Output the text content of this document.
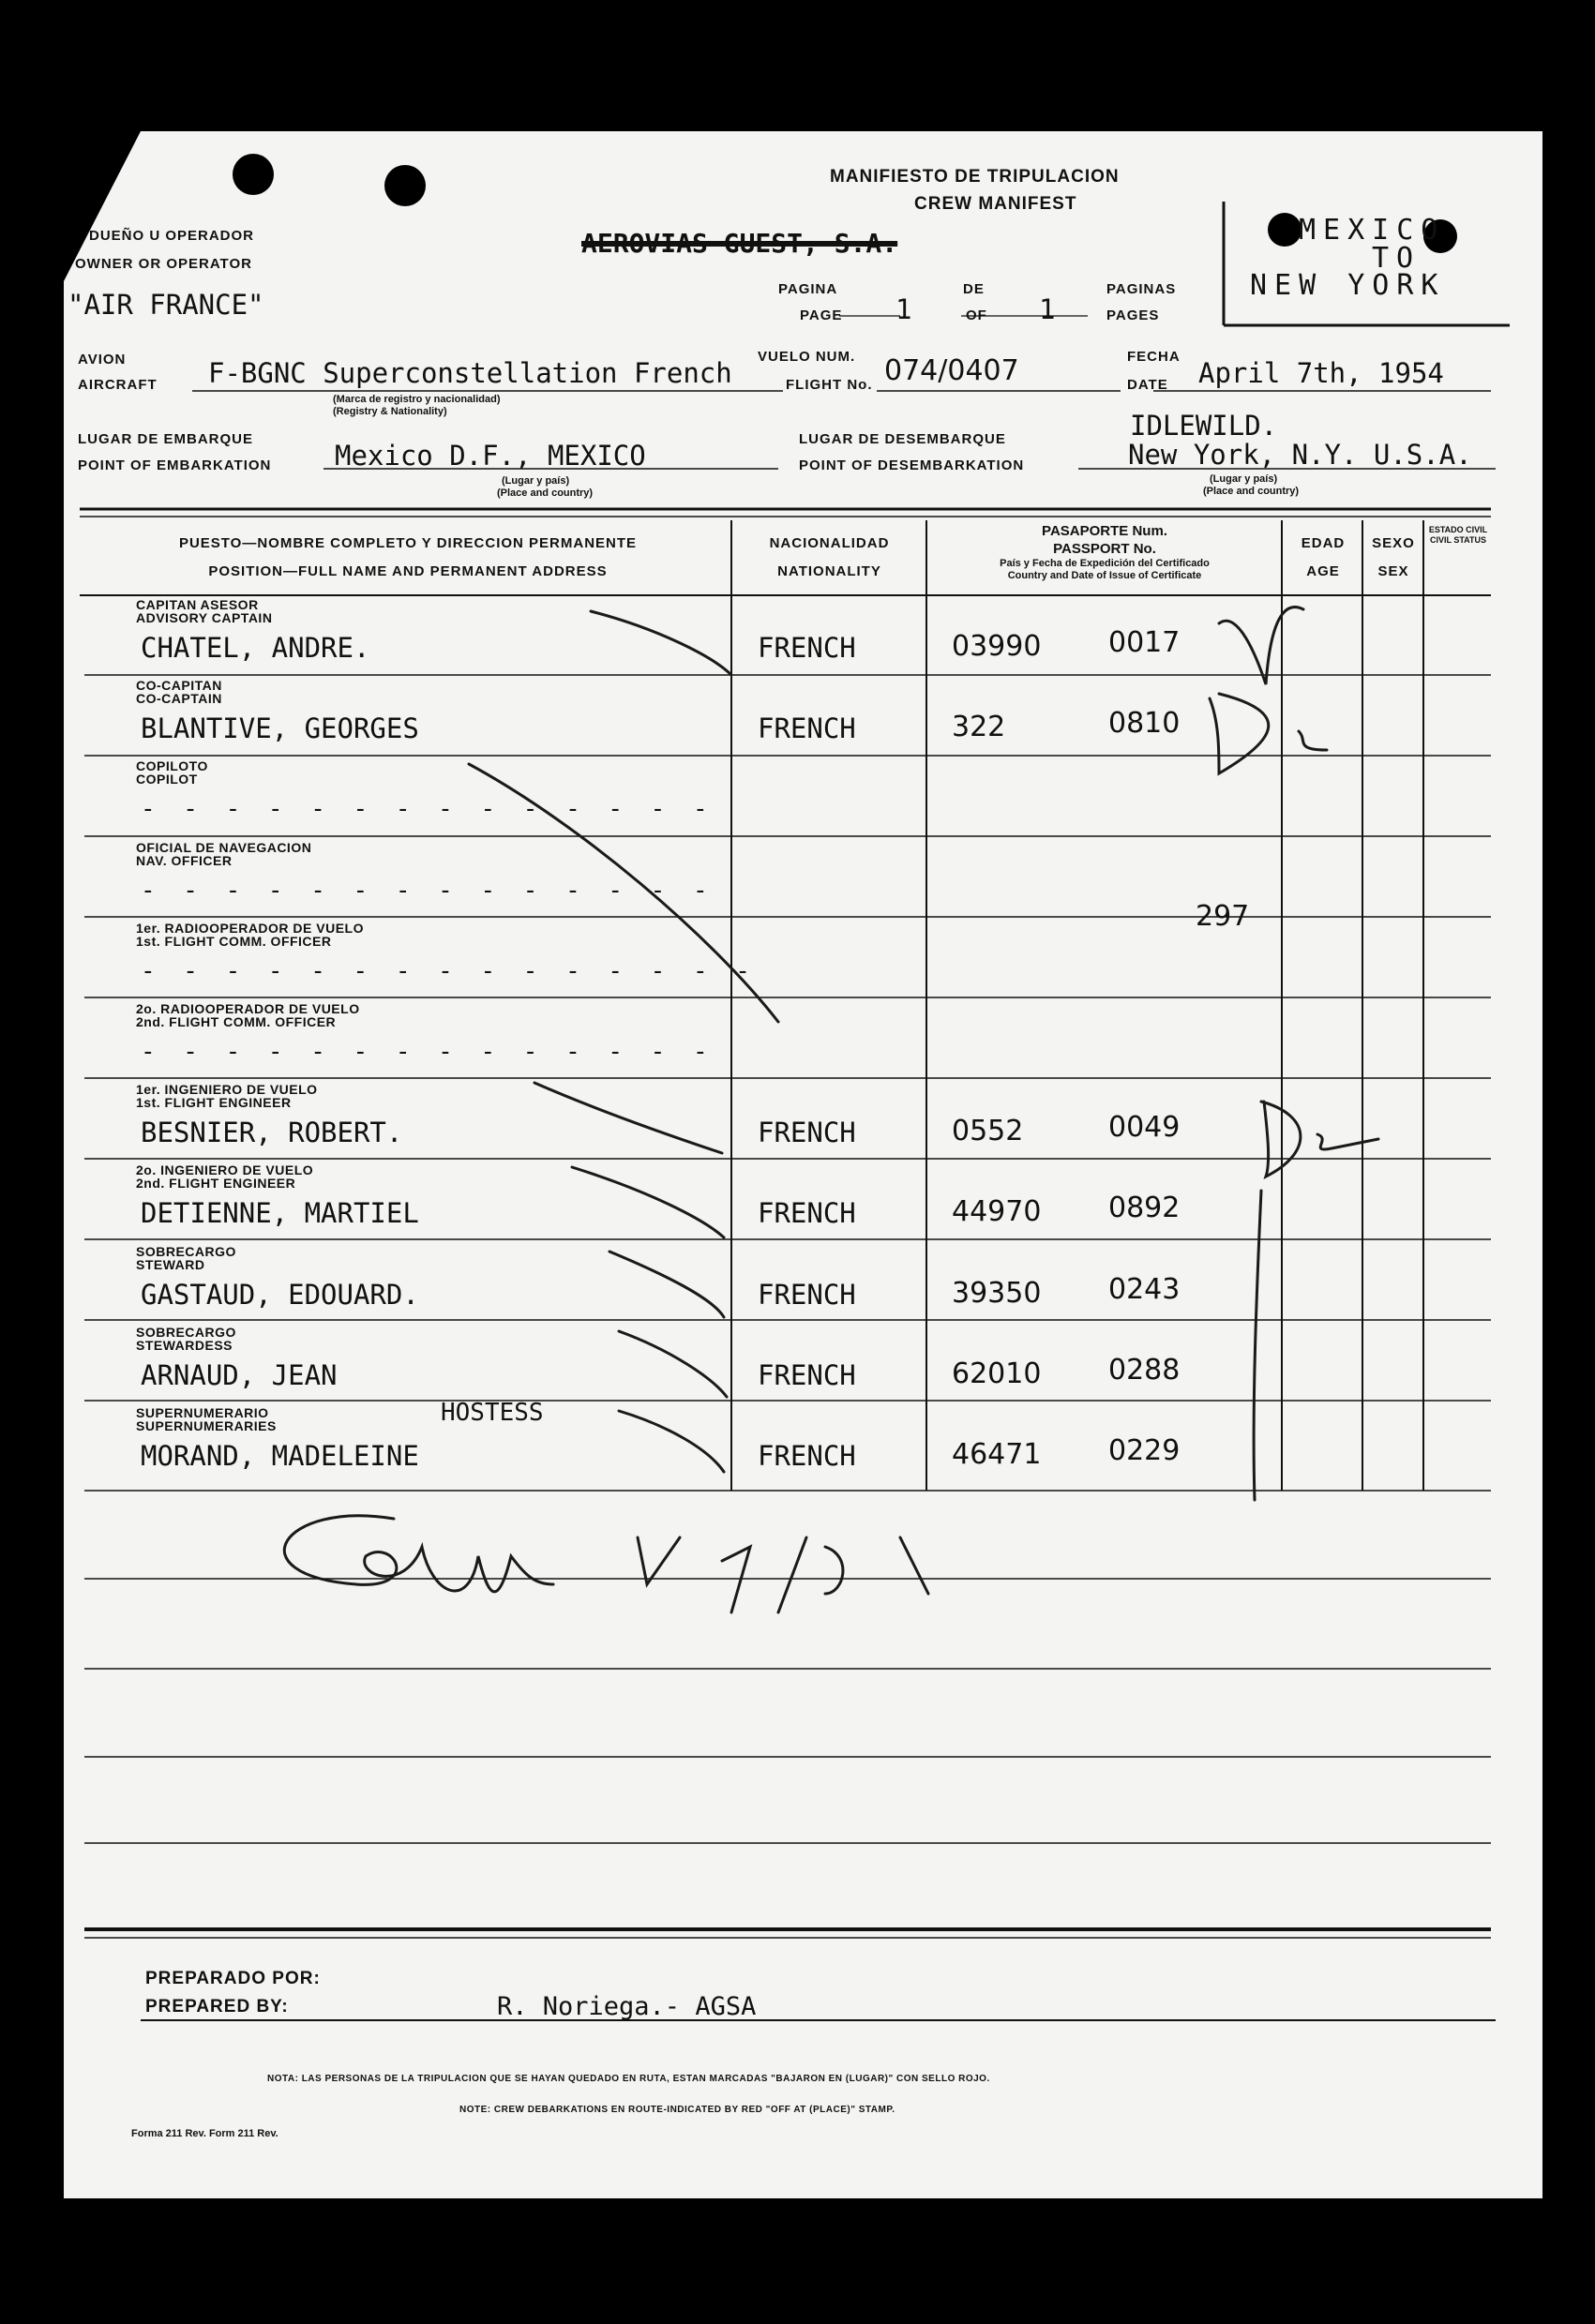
MANIFIESTO DE TRIPULACION
CREW MANIFEST
AEROVIAS GUEST, S.A.
DUEÑO U OPERADOR
OWNER OR OPERATOR
"AIR FRANCE"
MEXICO
TO
NEW YORK
PAGINA
PAGE 1
DE
OF 1
PAGINAS
PAGES
AVION
AIRCRAFT F-BGNC Superconstellation French
(Marca de registro y nacionalidad)
(Registry & Nationality)
VUELO NUM.
FLIGHT No. 074/0407	FECHA
DATE April 7th, 1954
LUGAR DE EMBARQUE
POINT OF EMBARKATION Mexico D.F., MEXICO
(Lugar y país)
(Place and country)
LUGAR DE DESEMBARQUE
POINT OF DESEMBARKATION
IDLEWILD.
New York, N.Y. U.S.A.
(Lugar y país)
(Place and country)
PUESTO—NOMBRE COMPLETO Y DIRECCION PERMANENTE
POSITION—FULL NAME AND PERMANENT ADDRESS
NACIONALIDAD
NATIONALITY
PASAPORTE Num.
PASSPORT No.
País y Fecha de Expedición del Certificado
Country and Date of Issue of Certificate
EDAD
AGE
SEXO
SEX
ESTADO CIVIL
CIVIL STATUS
CAPITAN ASESOR
ADVISORY CAPTAIN
CHATEL, ANDRE.	FRENCH	03990 0017
CO-CAPITAN
CO-CAPTAIN
BLANTIVE, GEORGES	FRENCH	322	0810
COPILOTO
COPILOT
- - - - - - - - - - - - - -
OFICIAL DE NAVEGACION
NAV. OFFICER
- - - - - - - - - - - - - -
1er. RADIOOPERADOR DE VUELO
1st. FLIGHT COMM. OFFICER
- - - - - - - - - - - - - - -
2o. RADIOOPERADOR DE VUELO
2nd. FLIGHT COMM. OFFICER
- - - - - - - - - - - - - -
1er. INGENIERO DE VUELO
1st. FLIGHT ENGINEER
BESNIER, ROBERT.	FRENCH	0552	0049
2o. INGENIERO DE VUELO
2nd. FLIGHT ENGINEER
DETIENNE, MARTIEL	FRENCH	44970 0892
SOBRECARGO
STEWARD
GASTAUD, EDOUARD.	FRENCH	39350 0243
SOBRECARGO
STEWARDESS
ARNAUD, JEAN	FRENCH	62010 0288
SUPERNUMERARIO
SUPERNUMERARIES	HOSTESS
MORAND, MADELEINE	FRENCH	46471 0229
297
PREPARADO POR:
PREPARED BY:	R. Noriega.- AGSA
NOTA: LAS PERSONAS DE LA TRIPULACION QUE SE HAYAN QUEDADO EN RUTA, ESTAN MARCADAS "BAJARON EN (LUGAR)" CON SELLO ROJO.
NOTE: CREW DEBARKATIONS EN ROUTE-INDICATED BY RED "OFF AT (PLACE)" STAMP.
Forma 211 Rev. Form 211 Rev.
